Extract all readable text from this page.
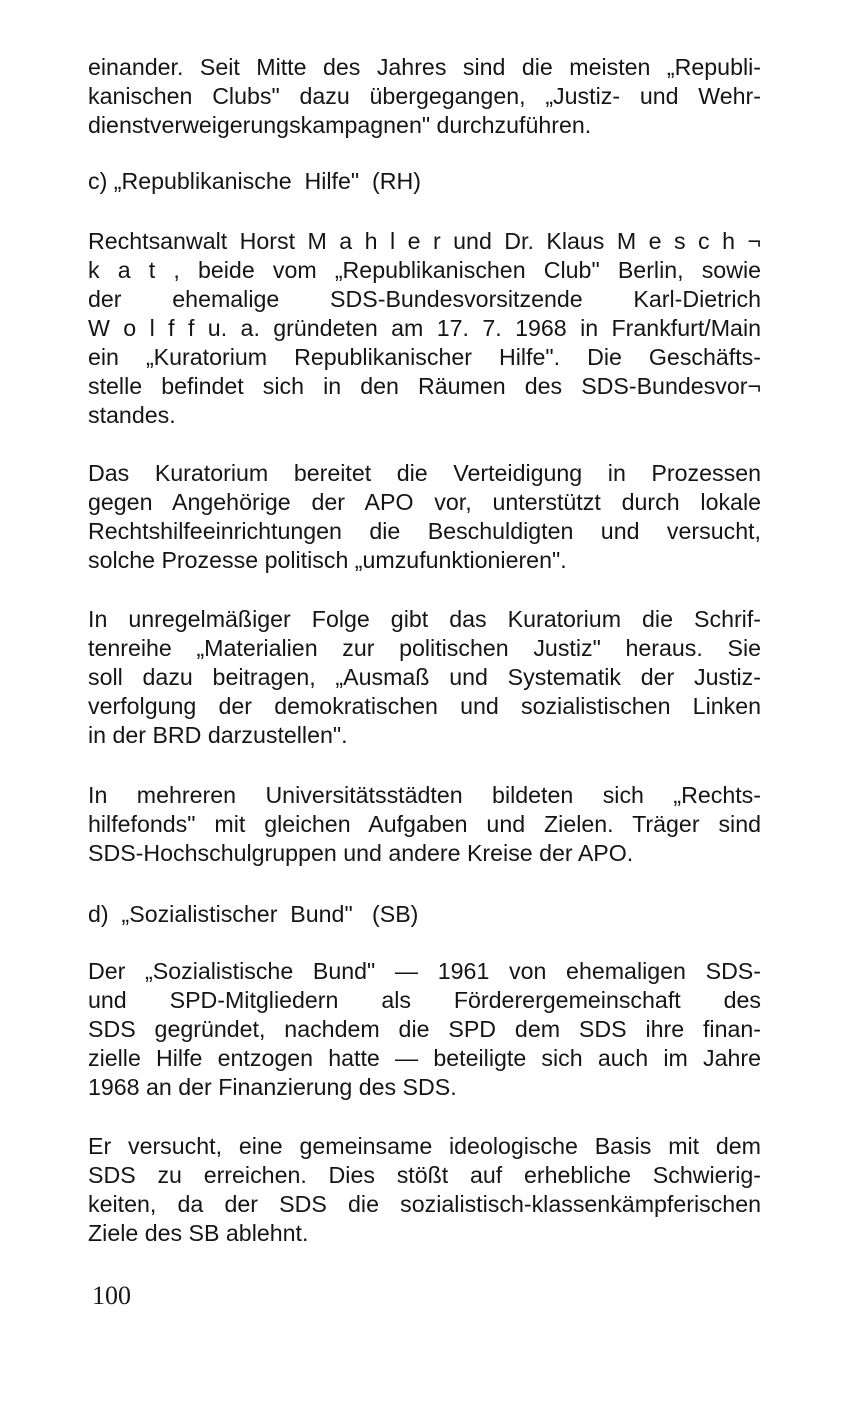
einander. Seit Mitte des Jahres sind die meisten „Republi-
kanischen Clubs" dazu übergegangen, „Justiz- und Wehr-
dienstverweigerungskampagnen" durchzuführen.
c) „Republikanische  Hilfe"  (RH)
Rechtsanwalt Horst M a h l e r und Dr. Klaus M e s c h ¬
k a t , beide vom „Republikanischen Club" Berlin, sowie
der ehemalige SDS-Bundesvorsitzende Karl-Dietrich
W o l f f u. a. gründeten am 17. 7. 1968 in Frankfurt/Main
ein „Kuratorium Republikanischer Hilfe". Die Geschäfts-
stelle befindet sich in den Räumen des SDS-Bundesvor¬
standes.
Das Kuratorium bereitet die Verteidigung in Prozessen
gegen Angehörige der APO vor, unterstützt durch lokale
Rechtshilfeeinrichtungen die Beschuldigten und versucht,
solche Prozesse politisch „umzufunktionieren".
In unregelmäßiger Folge gibt das Kuratorium die Schrif-
tenreihe „Materialien zur politischen Justiz" heraus. Sie
soll dazu beitragen, „Ausmaß und Systematik der Justiz-
verfolgung der demokratischen und sozialistischen Linken
in der BRD darzustellen".
In mehreren Universitätsstädten bildeten sich „Rechts-
hilfefonds" mit gleichen Aufgaben und Zielen. Träger sind
SDS-Hochschulgruppen und andere Kreise der APO.
d)  „Sozialistischer  Bund"   (SB)
Der „Sozialistische Bund" — 1961 von ehemaligen SDS-
und SPD-Mitgliedern als Förderergemeinschaft des
SDS gegründet, nachdem die SPD dem SDS ihre finan-
zielle Hilfe entzogen hatte — beteiligte sich auch im Jahre
1968 an der Finanzierung des SDS.
Er versucht, eine gemeinsame ideologische Basis mit dem
SDS zu erreichen. Dies stößt auf erhebliche Schwierig-
keiten, da der SDS die sozialistisch-klassenkämpferischen
Ziele des SB ablehnt.
100
